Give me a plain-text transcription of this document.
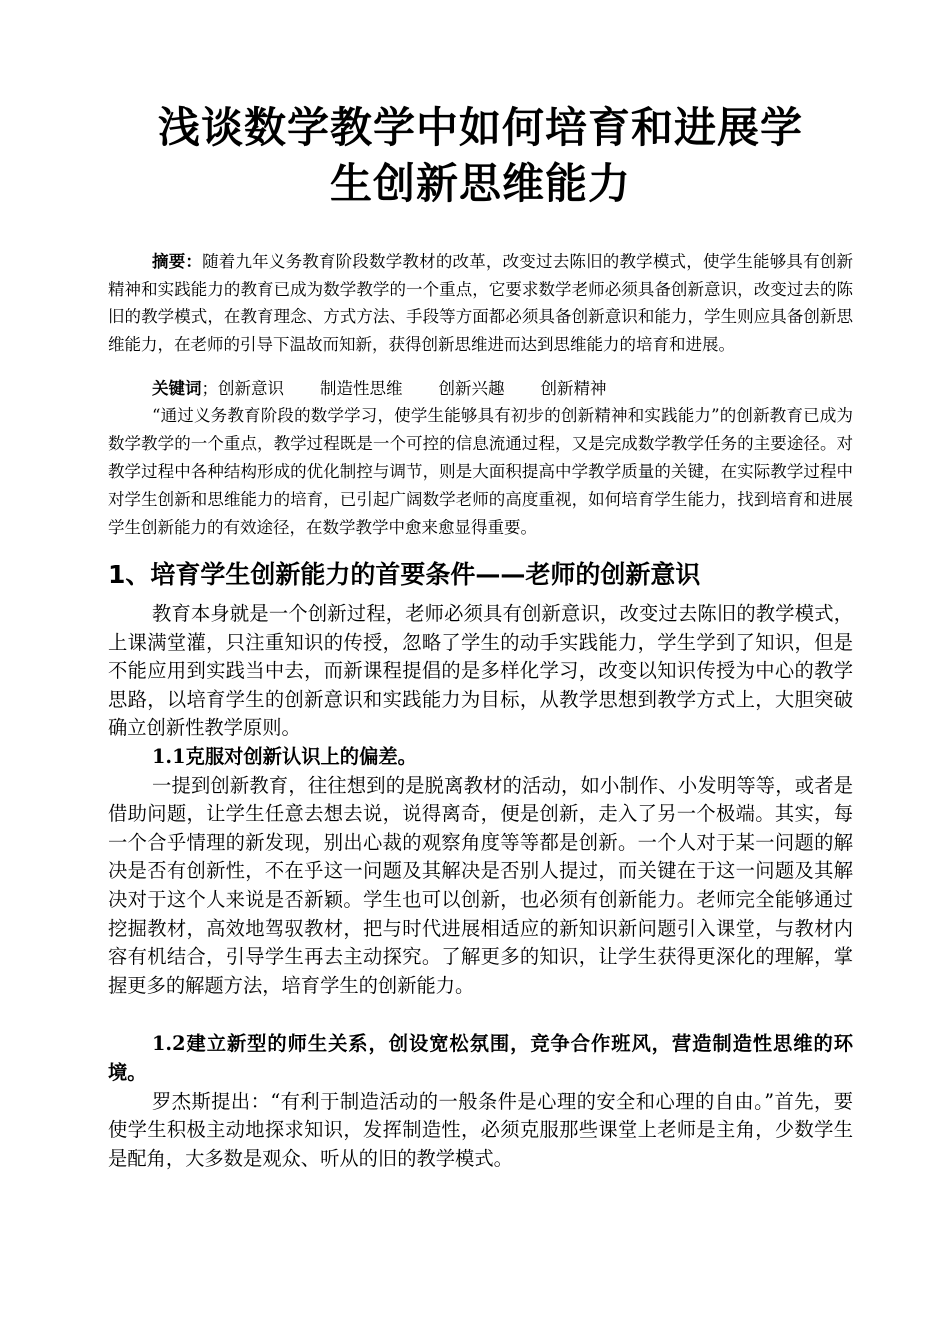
浅谈数学教学中如何培育和进展学
生创新思维能力

摘要：随着九年义务教育阶段数学教材的改革，改变过去陈旧的教学模式，使学生能够具有创新精神和实践能力的教育已成为数学教学的一个重点，它要求数学老师必须具备创新意识，改变过去的陈旧的教学模式，在教育理念、方式方法、手段等方面都必须具备创新意识和能力，学生则应具备创新思维能力，在老师的引导下温故而知新，获得创新思维进而达到思维能力的培育和进展。

关键词；创新意识 制造性思维 创新兴趣 创新精神

“通过义务教育阶段的数学学习，使学生能够具有初步的创新精神和实践能力”的创新教育已成为数学教学的一个重点，教学过程既是一个可控的信息流通过程，又是完成数学教学任务的主要途径。对教学过程中各种结构形成的优化制控与调节，则是大面积提高中学教学质量的关键，在实际教学过程中对学生创新和思维能力的培育，已引起广阔数学老师的高度重视，如何培育学生能力，找到培育和进展学生创新能力的有效途径，在数学教学中愈来愈显得重要。

1、培育学生创新能力的首要条件——老师的创新意识

教育本身就是一个创新过程，老师必须具有创新意识，改变过去陈旧的教学模式，上课满堂灌，只注重知识的传授，忽略了学生的动手实践能力，学生学到了知识，但是不能应用到实践当中去，而新课程提倡的是多样化学习，改变以知识传授为中心的教学思路，以培育学生的创新意识和实践能力为目标，从教学思想到教学方式上，大胆突破确立创新性教学原则。

1.1克服对创新认识上的偏差。

一提到创新教育，往往想到的是脱离教材的活动，如小制作、小发明等等，或者是借助问题，让学生任意去想去说，说得离奇，便是创新，走入了另一个极端。其实，每一个合乎情理的新发现，别出心裁的观察角度等等都是创新。一个人对于某一问题的解决是否有创新性，不在乎这一问题及其解决是否别人提过，而关键在于这一问题及其解决对于这个人来说是否新颖。学生也可以创新，也必须有创新能力。老师完全能够通过挖掘教材，高效地驾驭教材，把与时代进展相适应的新知识新问题引入课堂，与教材内容有机结合，引导学生再去主动探究。了解更多的知识，让学生获得更深化的理解，掌握更多的解题方法，培育学生的创新能力。

1.2建立新型的师生关系，创设宽松氛围，竞争合作班风，营造制造性思维的环境。

罗杰斯提出：“有利于制造活动的一般条件是心理的安全和心理的自由。”首先，要使学生积极主动地探求知识，发挥制造性，必须克服那些课堂上老师是主角，少数学生是配角，大多数是观众、听从的旧的教学模式。
